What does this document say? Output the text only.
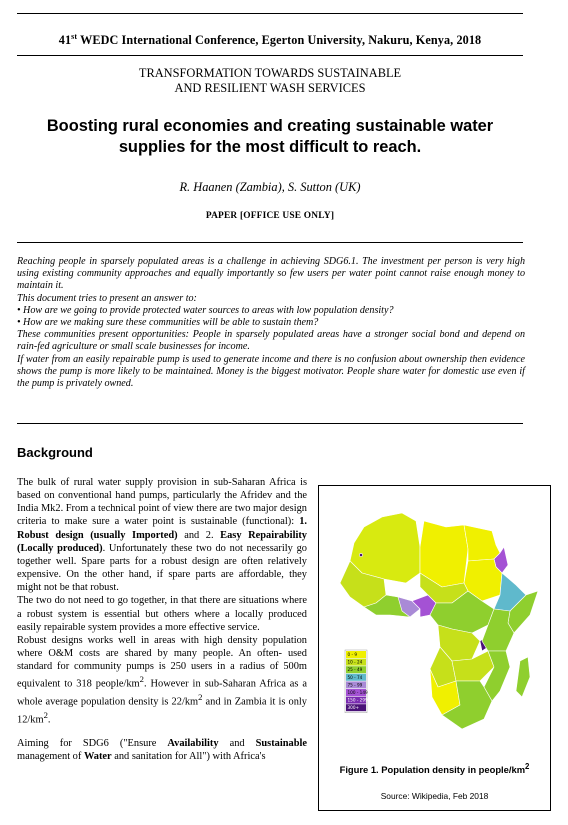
41st WEDC International Conference, Egerton University, Nakuru, Kenya, 2018
TRANSFORMATION TOWARDS SUSTAINABLE
AND RESILIENT WASH SERVICES
Boosting rural economies and creating sustainable water
supplies for the most difficult to reach.
R. Haanen (Zambia), S. Sutton (UK)
PAPER [OFFICE USE ONLY]

Reaching people in sparsely populated areas is a challenge in achieving SDG6.1. The investment per person is very high using existing community approaches and equally importantly so few users per water point cannot raise enough money to maintain it.

This document tries to present an answer to:

• How are we going to provide protected water sources to areas with low population density?

• How are we making sure these communities will be able to sustain them?

These communities present opportunities: People in sparsely populated areas have a stronger social bond and depend on rain-fed agriculture or small scale businesses for income.

If water from an easily repairable pump is used to generate income and there is no confusion about ownership then evidence shows the pump is more likely to be maintained. Money is the biggest motivator. People share water for domestic use even if the pump is privately owned.

Background

The bulk of rural water supply provision in sub-Saharan Africa is based on conventional hand pumps, particularly the Afridev and the India Mk2. From a technical point of view there are two major design criteria to make sure a water point is sustainable (functional): 1. Robust design (usually Imported) and 2. Easy Repairability (Locally produced). Unfortunately these two do not necessarily go together well. Spare parts for a robust design are often relatively expensive. On the other hand, if spare parts are affordable, they might not be that robust.

The two do not need to go together, in that there are situations where a robust system is essential but others where a locally produced easily repairable system provides a more effective service.

Robust designs works well in areas with high density population where O&M costs are shared by many people. An often- used standard for community pumps is 250 users in a radius of 500m equivalent to 318 people/$km^2$. However in sub-Saharan Africa as a whole average population density is $22/km^2$ and in Zambia it is only $12/km^2$.

Aiming for SDG6 ("Ensure Availability and Sustainable management of Water and sanitation for All") with Africa's

0 - 9
10 - 24
25 - 49
50 - 74
75 - 99
100 - 149
150 - 299
300+
Figure 1. Population density in people/$km^2$
Source: Wikipedia, Feb 2018
